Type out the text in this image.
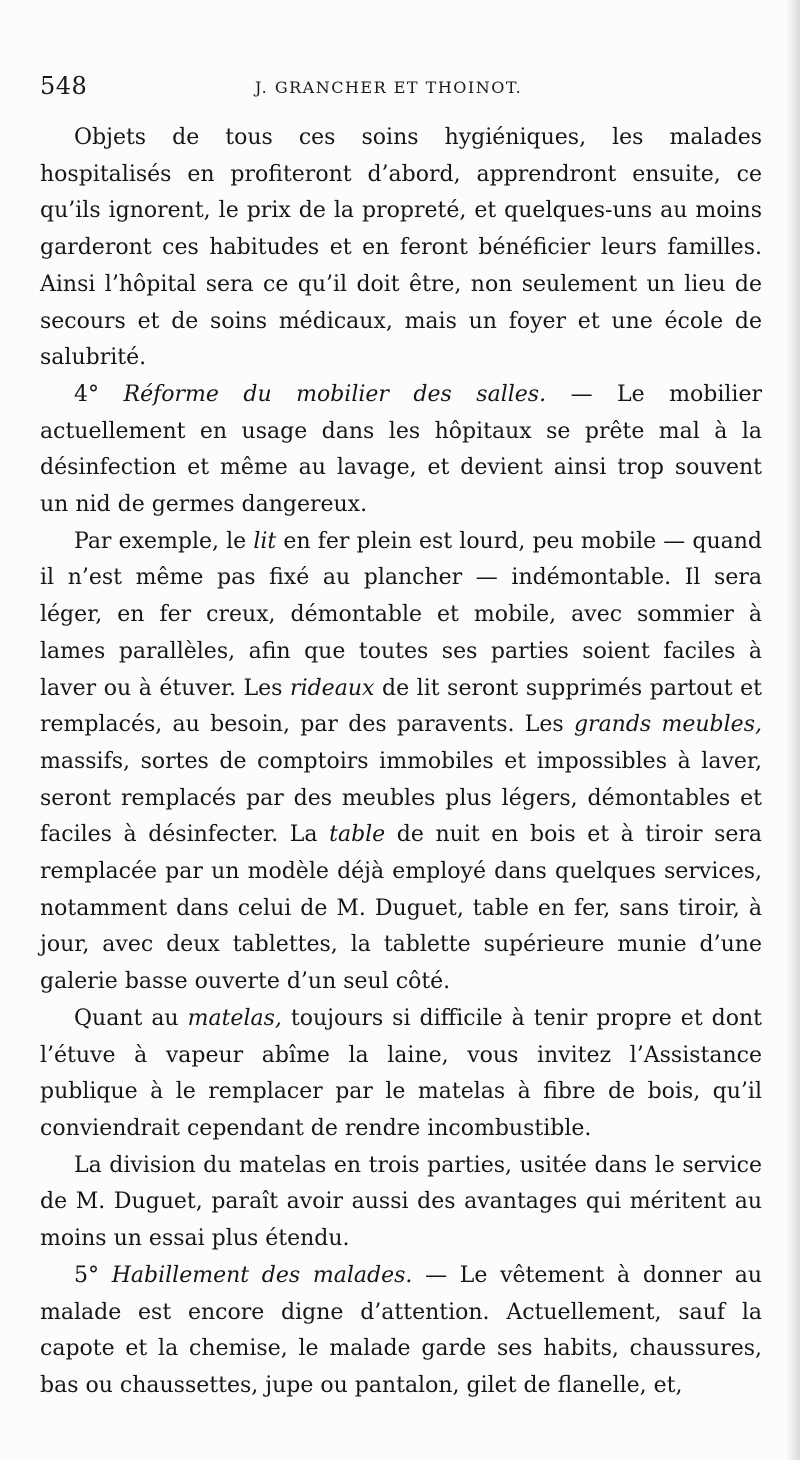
548	J. GRANCHER ET THOINOT.

Objets de tous ces soins hygiéniques, les malades hospitalisés en profiteront d’abord, apprendront ensuite, ce qu’ils ignorent, le prix de la propreté, et quelques-uns au moins garderont ces habitudes et en feront bénéficier leurs familles. Ainsi l’hôpital sera ce qu’il doit être, non seulement un lieu de secours et de soins médicaux, mais un foyer et une école de salubrité.

4° Réforme du mobilier des salles. — Le mobilier actuellement en usage dans les hôpitaux se prête mal à la désinfection et même au lavage, et devient ainsi trop souvent un nid de germes dangereux.

Par exemple, le lit en fer plein est lourd, peu mobile — quand il n’est même pas fixé au plancher — indémontable. Il sera léger, en fer creux, démontable et mobile, avec sommier à lames parallèles, afin que toutes ses parties soient faciles à laver ou à étuver. Les rideaux de lit seront supprimés partout et remplacés, au besoin, par des paravents. Les grands meubles, massifs, sortes de comptoirs immobiles et impossibles à laver, seront remplacés par des meubles plus légers, démontables et faciles à désinfecter. La table de nuit en bois et à tiroir sera remplacée par un modèle déjà employé dans quelques services, notamment dans celui de M. Duguet, table en fer, sans tiroir, à jour, avec deux tablettes, la tablette supérieure munie d’une galerie basse ouverte d’un seul côté.

Quant au matelas, toujours si difficile à tenir propre et dont l’étuve à vapeur abîme la laine, vous invitez l’Assistance publique à le remplacer par le matelas à fibre de bois, qu’il conviendrait cependant de rendre incombustible.

La division du matelas en trois parties, usitée dans le service de M. Duguet, paraît avoir aussi des avantages qui méritent au moins un essai plus étendu.

5° Habillement des malades. — Le vêtement à donner au malade est encore digne d’attention. Actuellement, sauf la capote et la chemise, le malade garde ses habits, chaussures, bas ou chaussettes, jupe ou pantalon, gilet de flanelle, et,
